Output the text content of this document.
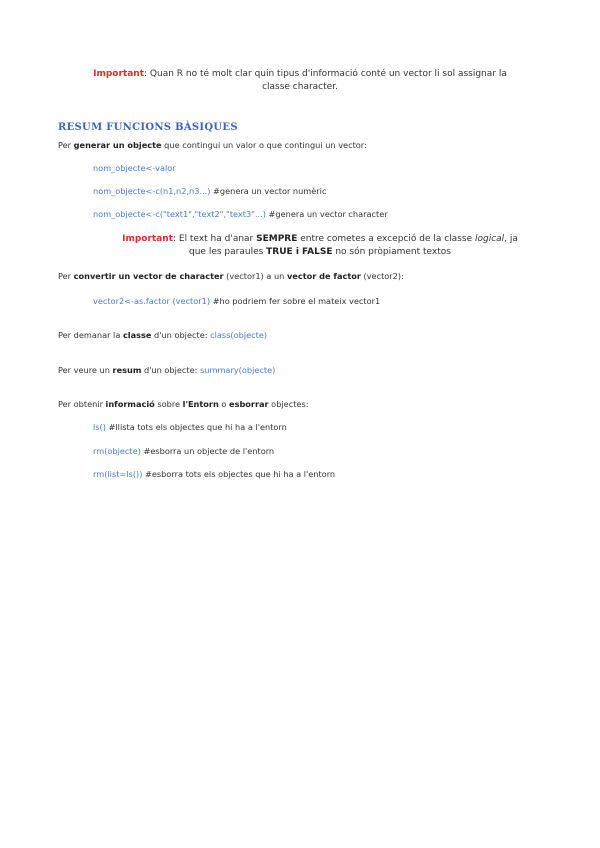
Important: Quan R no té molt clar quin tipus d'informació conté un vector li sol assignar la
classe character.
RESUM FUNCIONS BÀSIQUES
Per generar un objecte que contingui un valor o que contingui un vector:
nom_objecte<-valor
nom_objecte<-c(n1,n2,n3...) #genera un vector numèric
nom_objecte<-c("text1","text2","text3"...) #genera un vector character
Important: El text ha d'anar SEMPRE entre cometes a excepció de la classe logical, ja
que les paraules TRUE i FALSE no són pròpiament textos
Per convertir un vector de character (vector1) a un vector de factor (vector2):
vector2<-as.factor (vector1) #ho podriem fer sobre el mateix vector1
Per demanar la classe d'un objecte: class(objecte)
Per veure un resum d'un objecte: summary(objecte)
Per obtenir informació sobre l'Entorn o esborrar objectes:
ls() #llista tots els objectes que hi ha a l'entorn
rm(objecte) #esborra un objecte de l'entorn
rm(list=ls()) #esborra tots els objectes que hi ha a l'entorn
